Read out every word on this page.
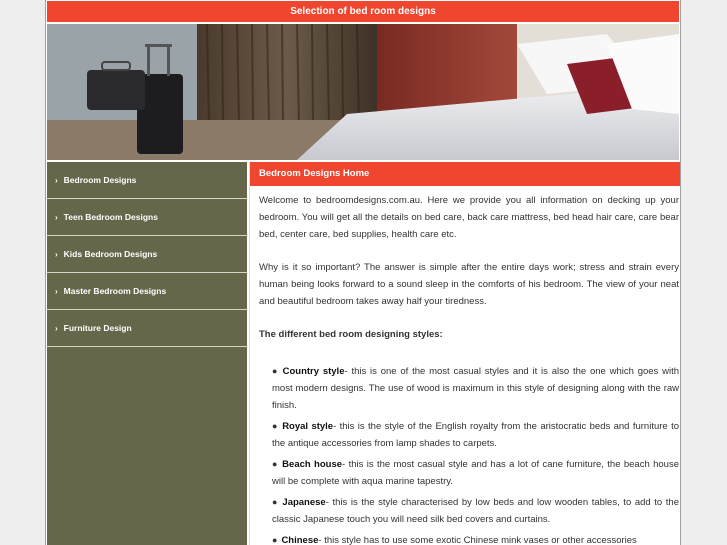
Selection of bed room designs
› Bedroom Designs
› Teen Bedroom Designs
› Kids Bedroom Designs
› Master Bedroom Designs
› Furniture Design
Bedroom Designs Home

Welcome to bedroomdesigns.com.au. Here we provide you all information on decking up your bedroom. You will get all the details on bed care, back care mattress, bed head hair care, care bear bed, center care, bed supplies, health care etc.

Why is it so important? The answer is simple after the entire days work; stress and strain every human being looks forward to a sound sleep in the comforts of his bedroom. The view of your neat and beautiful bedroom takes away half your tiredness.

The different bed room designing styles:

● Country style- this is one of the most casual styles and it is also the one which goes with most modern designs. The use of wood is maximum in this style of designing along with the raw finish.
● Royal style- this is the style of the English royalty from the aristocratic beds and furniture to the antique accessories from lamp shades to carpets.
● Beach house- this is the most casual style and has a lot of cane furniture, the beach house will be complete with aqua marine tapestry.
● Japanese- this is the style characterised by low beds and low wooden tables, to add to the classic Japanese touch you will need silk bed covers and curtains.
● Chinese- this style has to use some exotic Chinese mink vases or other accessories
